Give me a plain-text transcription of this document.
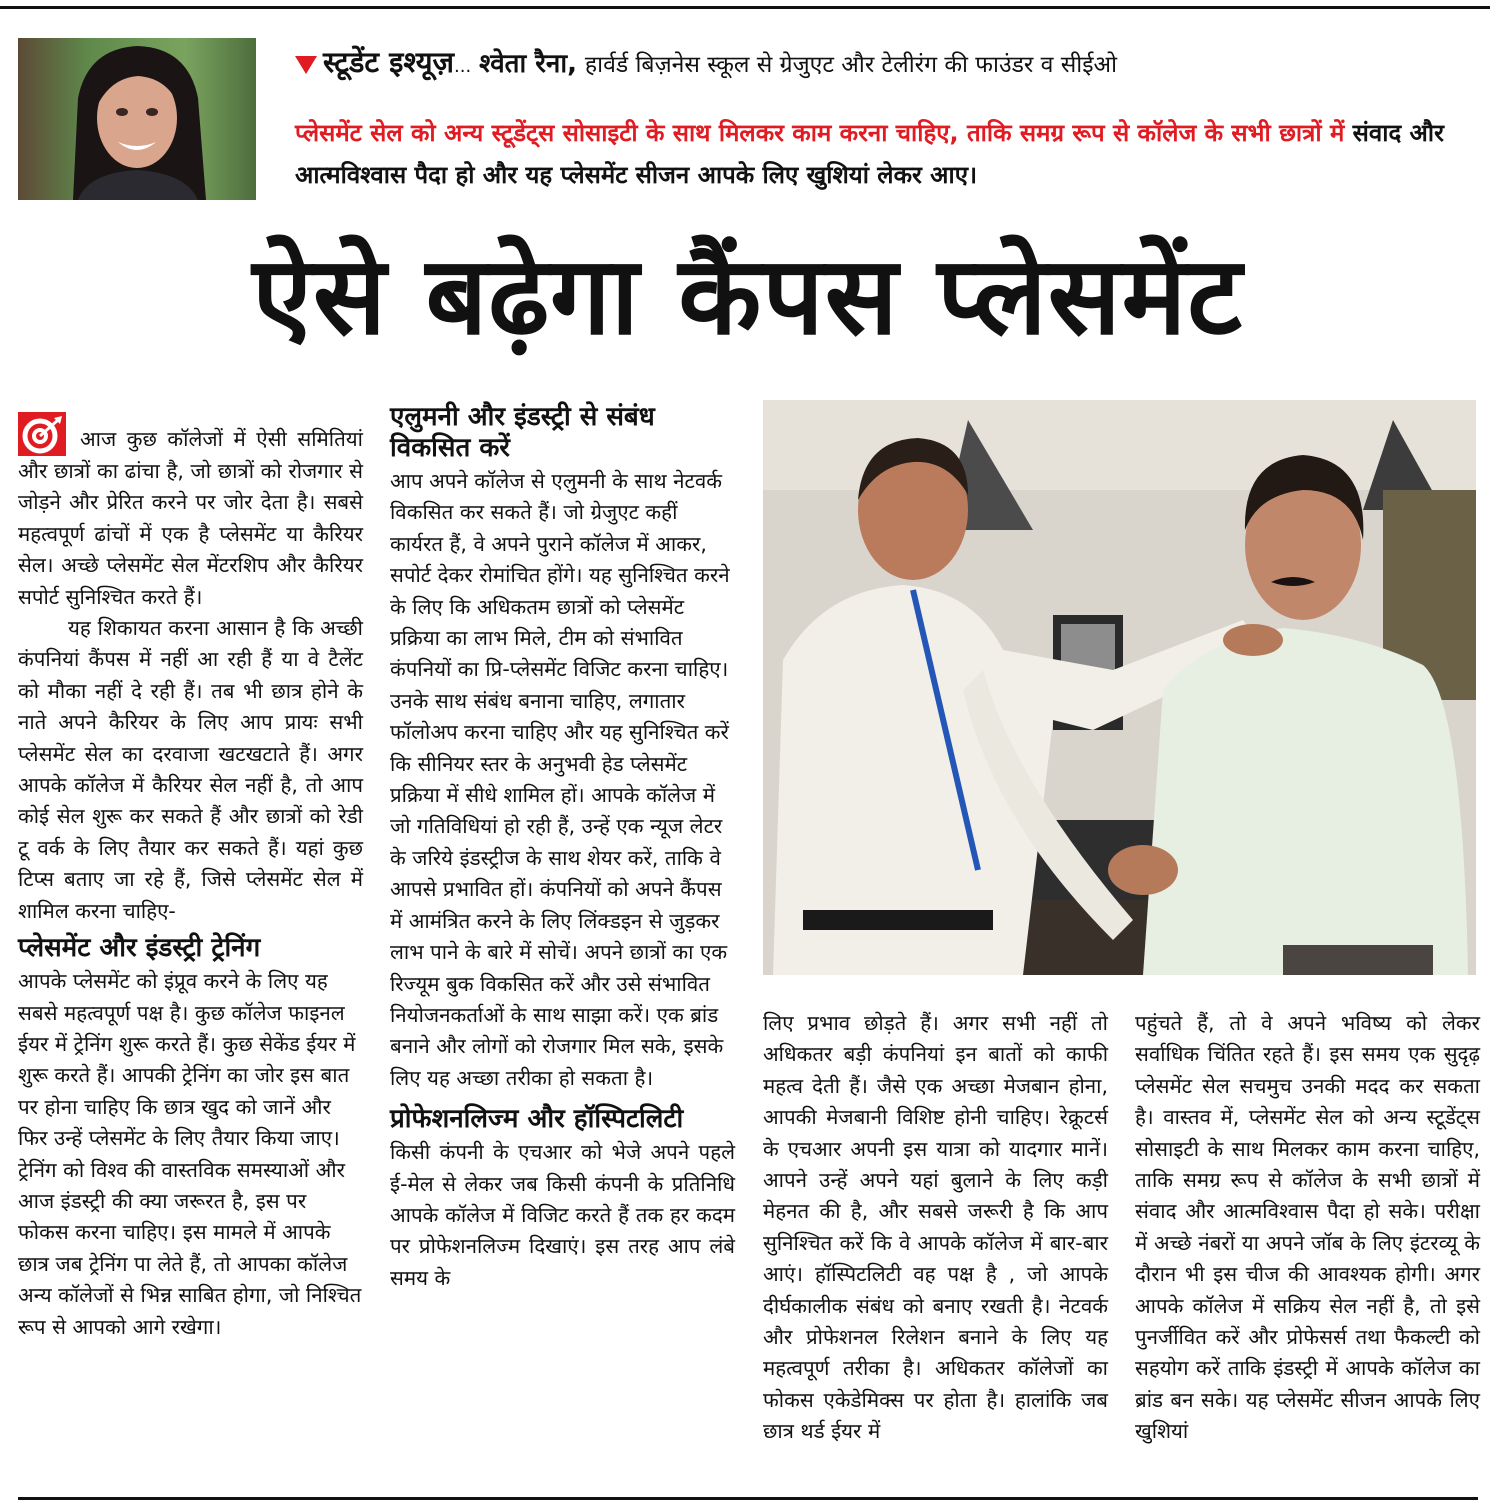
स्टूडेंट इश्यूज़... श्वेता रैना, हार्वर्ड बिज़नेस स्कूल से ग्रेजुएट और टेलीरंग की फाउंडर व सीईओ
प्लेसमेंट सेल को अन्य स्टूडेंट्स सोसाइटी के साथ मिलकर काम करना चाहिए, ताकि समग्र रूप से कॉलेज के सभी छात्रों में संवाद और आत्मविश्वास पैदा हो और यह प्लेसमेंट सीजन आपके लिए खुशियां लेकर आए।
ऐसे बढ़ेगा कैंपस प्लेसमेंट

आज कुछ कॉलेजों में ऐसी समितियां और छात्रों का ढांचा है, जो छात्रों को रोजगार से जोड़ने और प्रेरित करने पर जोर देता है। सबसे महत्वपूर्ण ढांचों में एक है प्लेसमेंट या कैरियर सेल। अच्छे प्लेसमेंट सेल मेंटरशिप और कैरियर सपोर्ट सुनिश्चित करते हैं।

यह शिकायत करना आसान है कि अच्छी कंपनियां कैंपस में नहीं आ रही हैं या वे टैलेंट को मौका नहीं दे रही हैं। तब भी छात्र होने के नाते अपने कैरियर के लिए आप प्रायः सभी प्लेसमेंट सेल का दरवाजा खटखटाते हैं। अगर आपके कॉलेज में कैरियर सेल नहीं है, तो आप कोई सेल शुरू कर सकते हैं और छात्रों को रेडी टू वर्क के लिए तैयार कर सकते हैं। यहां कुछ टिप्स बताए जा रहे हैं, जिसे प्लेसमेंट सेल में शामिल करना चाहिए-

प्लेसमेंट और इंडस्ट्री ट्रेनिंग

आपके प्लेसमेंट को इंप्रूव करने के लिए यह सबसे महत्वपूर्ण पक्ष है। कुछ कॉलेज फाइनल ईयर में ट्रेनिंग शुरू करते हैं। कुछ सेकेंड ईयर में शुरू करते हैं। आपकी ट्रेनिंग का जोर इस बात पर होना चाहिए कि छात्र खुद को जानें और फिर उन्हें प्लेसमेंट के लिए तैयार किया जाए। ट्रेनिंग को विश्व की वास्तविक समस्याओं और आज इंडस्ट्री की क्या जरूरत है, इस पर फोकस करना चाहिए। इस मामले में आपके छात्र जब ट्रेनिंग पा लेते हैं, तो आपका कॉलेज अन्य कॉलेजों से भिन्न साबित होगा, जो निश्चित रूप से आपको आगे रखेगा।

एलुमनी और इंडस्ट्री से संबंध विकसित करें

आप अपने कॉलेज से एलुमनी के साथ नेटवर्क विकसित कर सकते हैं। जो ग्रेजुएट कहीं कार्यरत हैं, वे अपने पुराने कॉलेज में आकर, सपोर्ट देकर रोमांचित होंगे। यह सुनिश्चित करने के लिए कि अधिकतम छात्रों को प्लेसमेंट प्रक्रिया का लाभ मिले, टीम को संभावित कंपनियों का प्रि-प्लेसमेंट विजिट करना चाहिए। उनके साथ संबंध बनाना चाहिए, लगातार फॉलोअप करना चाहिए और यह सुनिश्चित करें कि सीनियर स्तर के अनुभवी हेड प्लेसमेंट प्रक्रिया में सीधे शामिल हों। आपके कॉलेज में जो गतिविधियां हो रही हैं, उन्हें एक न्यूज लेटर के जरिये इंडस्ट्रीज के साथ शेयर करें, ताकि वे आपसे प्रभावित हों। कंपनियों को अपने कैंपस में आमंत्रित करने के लिए लिंक्डइन से जुड़कर लाभ पाने के बारे में सोचें। अपने छात्रों का एक रिज्यूम बुक विकसित करें और उसे संभावित नियोजनकर्ताओं के साथ साझा करें। एक ब्रांड बनाने और लोगों को रोजगार मिल सके, इसके लिए यह अच्छा तरीका हो सकता है।

प्रोफेशनलिज्म और हॉस्पिटलिटी

किसी कंपनी के एचआर को भेजे अपने पहले ई-मेल से लेकर जब किसी कंपनी के प्रतिनिधि आपके कॉलेज में विजिट करते हैं तक हर कदम पर प्रोफेशनलिज्म दिखाएं। इस तरह आप लंबे समय के

लिए प्रभाव छोड़ते हैं। अगर सभी नहीं तो अधिकतर बड़ी कंपनियां इन बातों को काफी महत्व देती हैं। जैसे एक अच्छा मेजबान होना, आपकी मेजबानी विशिष्ट होनी चाहिए। रेक्रूटर्स के एचआर अपनी इस यात्रा को यादगार मानें। आपने उन्हें अपने यहां बुलाने के लिए कड़ी मेहनत की है, और सबसे जरूरी है कि आप सुनिश्चित करें कि वे आपके कॉलेज में बार-बार आएं। हॉस्पिटलिटी वह पक्ष है , जो आपके दीर्घकालीक संबंध को बनाए रखती है। नेटवर्क और प्रोफेशनल रिलेशन बनाने के लिए यह महत्वपूर्ण तरीका है। अधिकतर कॉलेजों का फोकस एकेडेमिक्स पर होता है। हालांकि जब छात्र थर्ड ईयर में

पहुंचते हैं, तो वे अपने भविष्य को लेकर सर्वाधिक चिंतित रहते हैं। इस समय एक सुदृढ़ प्लेसमेंट सेल सचमुच उनकी मदद कर सकता है। वास्तव में, प्लेसमेंट सेल को अन्य स्टूडेंट्स सोसाइटी के साथ मिलकर काम करना चाहिए, ताकि समग्र रूप से कॉलेज के सभी छात्रों में संवाद और आत्मविश्वास पैदा हो सके। परीक्षा में अच्छे नंबरों या अपने जॉब के लिए इंटरव्यू के दौरान भी इस चीज की आवश्यक होगी। अगर आपके कॉलेज में सक्रिय सेल नहीं है, तो इसे पुनर्जीवित करें और प्रोफेसर्स तथा फैकल्टी को सहयोग करें ताकि इंडस्ट्री में आपके कॉलेज का ब्रांड बन सके। यह प्लेसमेंट सीजन आपके लिए खुशियां
